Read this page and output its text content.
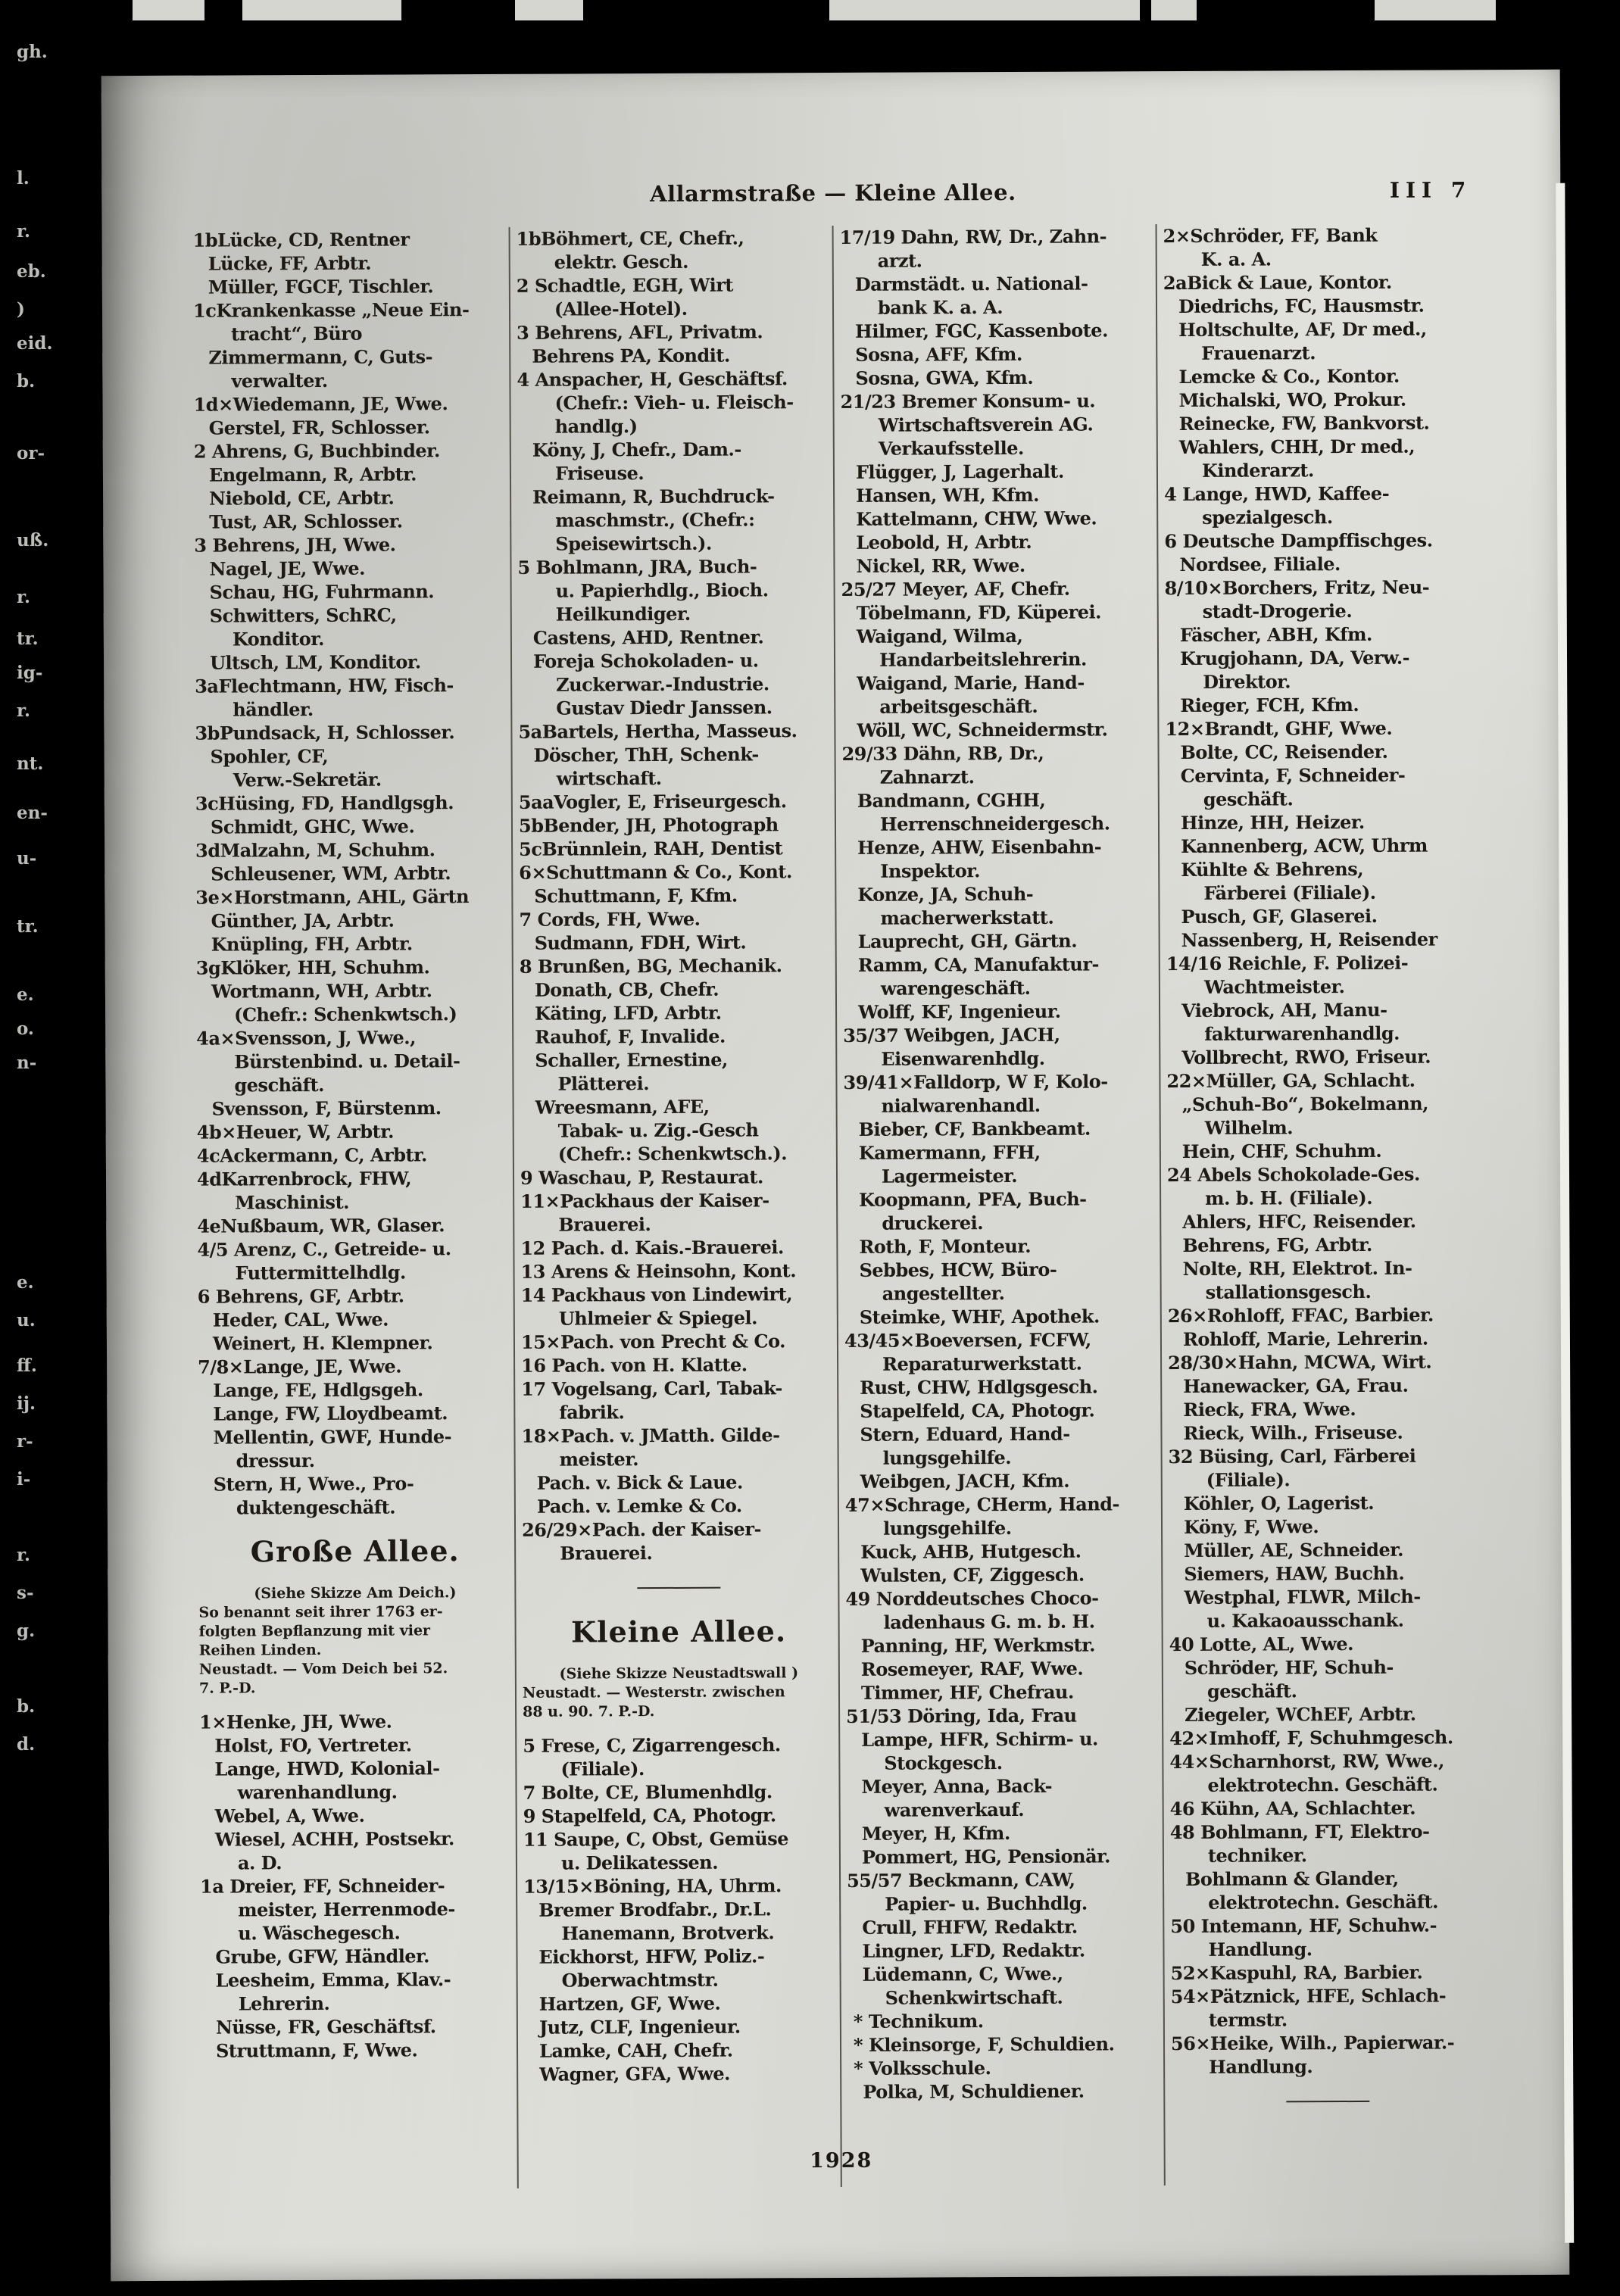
gh.
l.
r.
eb.
)
eid.
b.
or-
uß.
r.
tr.
ig-
r.
nt.
en-
u-
tr.
e.
o.
n-
e.
u.
ff.
ij.
r-
i-
r.
s-
g.
b.
d.
Allarmstraße — Kleine Allee.	III 7
1bLücke, CD, Rentner
Lücke, FF, Arbtr.
Müller, FGCF, Tischler.
1cKrankenkasse „Neue Ein-
tracht“, Büro
Zimmermann, C, Guts-
verwalter.
1d×Wiedemann, JE, Wwe.
Gerstel, FR, Schlosser.
2 Ahrens, G, Buchbinder.
Engelmann, R, Arbtr.
Niebold, CE, Arbtr.
Tust, AR, Schlosser.
3 Behrens, JH, Wwe.
Nagel, JE, Wwe.
Schau, HG, Fuhrmann.
Schwitters, SchRC,
Konditor.
Ultsch, LM, Konditor.
3aFlechtmann, HW, Fisch-
händler.
3bPundsack, H, Schlosser.
Spohler, CF,
Verw.-Sekretär.
3cHüsing, FD, Handlgsgh.
Schmidt, GHC, Wwe.
3dMalzahn, M, Schuhm.
Schleusener, WM, Arbtr.
3e×Horstmann, AHL, Gärtn
Günther, JA, Arbtr.
Knüpling, FH, Arbtr.
3gKlöker, HH, Schuhm.
Wortmann, WH, Arbtr.
(Chefr.: Schenkwtsch.)
4a×Svensson, J, Wwe.,
Bürstenbind. u. Detail-
geschäft.
Svensson, F, Bürstenm.
4b×Heuer, W, Arbtr.
4cAckermann, C, Arbtr.
4dKarrenbrock, FHW,
Maschinist.
4eNußbaum, WR, Glaser.
4/5 Arenz, C., Getreide- u.
Futtermittelhdlg.
6 Behrens, GF, Arbtr.
Heder, CAL, Wwe.
Weinert, H. Klempner.
7/8×Lange, JE, Wwe.
Lange, FE, Hdlgsgeh.
Lange, FW, Lloydbeamt.
Mellentin, GWF, Hunde-
dressur.
Stern, H, Wwe., Pro-
duktengeschäft.
Große Allee.
(Siehe Skizze Am Deich.)
So benannt seit ihrer 1763 er-
folgten Bepflanzung mit vier
Reihen Linden.
Neustadt. — Vom Deich bei 52.
7. P.-D.
1×Henke, JH, Wwe.
Holst, FO, Vertreter.
Lange, HWD, Kolonial-
warenhandlung.
Webel, A, Wwe.
Wiesel, ACHH, Postsekr.
a. D.
1a Dreier, FF, Schneider-
meister, Herrenmode-
u. Wäschegesch.
Grube, GFW, Händler.
Leesheim, Emma, Klav.-
Lehrerin.
Nüsse, FR, Geschäftsf.
Struttmann, F, Wwe.
1bBöhmert, CE, Chefr.,
elektr. Gesch.
2 Schadtle, EGH, Wirt
(Allee-Hotel).
3 Behrens, AFL, Privatm.
Behrens PA, Kondit.
4 Anspacher, H, Geschäftsf.
(Chefr.: Vieh- u. Fleisch-
handlg.)
Köny, J, Chefr., Dam.-
Friseuse.
Reimann, R, Buchdruck-
maschmstr., (Chefr.:
Speisewirtsch.).
5 Bohlmann, JRA, Buch-
u. Papierhdlg., Bioch.
Heilkundiger.
Castens, AHD, Rentner.
Foreja Schokoladen- u.
Zuckerwar.-Industrie.
Gustav Diedr Janssen.
5aBartels, Hertha, Masseus.
Döscher, ThH, Schenk-
wirtschaft.
5aaVogler, E, Friseurgesch.
5bBender, JH, Photograph
5cBrünnlein, RAH, Dentist
6×Schuttmann & Co., Kont.
Schuttmann, F, Kfm.
7 Cords, FH, Wwe.
Sudmann, FDH, Wirt.
8 Brunßen, BG, Mechanik.
Donath, CB, Chefr.
Käting, LFD, Arbtr.
Rauhof, F, Invalide.
Schaller, Ernestine,
Plätterei.
Wreesmann, AFE,
Tabak- u. Zig.-Gesch
(Chefr.: Schenkwtsch.).
9 Waschau, P, Restaurat.
11×Packhaus der Kaiser-
Brauerei.
12 Pach. d. Kais.-Brauerei.
13 Arens & Heinsohn, Kont.
14 Packhaus von Lindewirt,
Uhlmeier & Spiegel.
15×Pach. von Precht & Co.
16 Pach. von H. Klatte.
17 Vogelsang, Carl, Tabak-
fabrik.
18×Pach. v. JMatth. Gilde-
meister.
Pach. v. Bick & Laue.
Pach. v. Lemke & Co.
26/29×Pach. der Kaiser-
Brauerei.
Kleine Allee.
(Siehe Skizze Neustadtswall )
Neustadt. — Westerstr. zwischen
88 u. 90. 7. P.-D.
5 Frese, C, Zigarrengesch.
(Filiale).
7 Bolte, CE, Blumenhdlg.
9 Stapelfeld, CA, Photogr.
11 Saupe, C, Obst, Gemüse
u. Delikatessen.
13/15×Böning, HA, Uhrm.
Bremer Brodfabr., Dr.L.
Hanemann, Brotverk.
Eickhorst, HFW, Poliz.-
Oberwachtmstr.
Hartzen, GF, Wwe.
Jutz, CLF, Ingenieur.
Lamke, CAH, Chefr.
Wagner, GFA, Wwe.
17/19 Dahn, RW, Dr., Zahn-
arzt.
Darmstädt. u. National-
bank K. a. A.
Hilmer, FGC, Kassenbote.
Sosna, AFF, Kfm.
Sosna, GWA, Kfm.
21/23 Bremer Konsum- u.
Wirtschaftsverein AG.
Verkaufsstelle.
Flügger, J, Lagerhalt.
Hansen, WH, Kfm.
Kattelmann, CHW, Wwe.
Leobold, H, Arbtr.
Nickel, RR, Wwe.
25/27 Meyer, AF, Chefr.
Töbelmann, FD, Küperei.
Waigand, Wilma,
Handarbeitslehrerin.
Waigand, Marie, Hand-
arbeitsgeschäft.
Wöll, WC, Schneidermstr.
29/33 Dähn, RB, Dr.,
Zahnarzt.
Bandmann, CGHH,
Herrenschneidergesch.
Henze, AHW, Eisenbahn-
Inspektor.
Konze, JA, Schuh-
macherwerkstatt.
Lauprecht, GH, Gärtn.
Ramm, CA, Manufaktur-
warengeschäft.
Wolff, KF, Ingenieur.
35/37 Weibgen, JACH,
Eisenwarenhdlg.
39/41×Falldorp, W F, Kolo-
nialwarenhandl.
Bieber, CF, Bankbeamt.
Kamermann, FFH,
Lagermeister.
Koopmann, PFA, Buch-
druckerei.
Roth, F, Monteur.
Sebbes, HCW, Büro-
angestellter.
Steimke, WHF, Apothek.
43/45×Boeversen, FCFW,
Reparaturwerkstatt.
Rust, CHW, Hdlgsgesch.
Stapelfeld, CA, Photogr.
Stern, Eduard, Hand-
lungsgehilfe.
Weibgen, JACH, Kfm.
47×Schrage, CHerm, Hand-
lungsgehilfe.
Kuck, AHB, Hutgesch.
Wulsten, CF, Ziggesch.
49 Norddeutsches Choco-
ladenhaus G. m. b. H.
Panning, HF, Werkmstr.
Rosemeyer, RAF, Wwe.
Timmer, HF, Chefrau.
51/53 Döring, Ida, Frau
Lampe, HFR, Schirm- u.
Stockgesch.
Meyer, Anna, Back-
warenverkauf.
Meyer, H, Kfm.
Pommert, HG, Pensionär.
55/57 Beckmann, CAW,
Papier- u. Buchhdlg.
Crull, FHFW, Redaktr.
Lingner, LFD, Redaktr.
Lüdemann, C, Wwe.,
Schenkwirtschaft.
* Technikum.
* Kleinsorge, F, Schuldien.
* Volksschule.
Polka, M, Schuldiener.
2×Schröder, FF, Bank
K. a. A.
2aBick & Laue, Kontor.
Diedrichs, FC, Hausmstr.
Holtschulte, AF, Dr med.,
Frauenarzt.
Lemcke & Co., Kontor.
Michalski, WO, Prokur.
Reinecke, FW, Bankvorst.
Wahlers, CHH, Dr med.,
Kinderarzt.
4 Lange, HWD, Kaffee-
spezialgesch.
6 Deutsche Dampffischges.
Nordsee, Filiale.
8/10×Borchers, Fritz, Neu-
stadt-Drogerie.
Fäscher, ABH, Kfm.
Krugjohann, DA, Verw.-
Direktor.
Rieger, FCH, Kfm.
12×Brandt, GHF, Wwe.
Bolte, CC, Reisender.
Cervinta, F, Schneider-
geschäft.
Hinze, HH, Heizer.
Kannenberg, ACW, Uhrm
Kühlte & Behrens,
Färberei (Filiale).
Pusch, GF, Glaserei.
Nassenberg, H, Reisender
14/16 Reichle, F. Polizei-
Wachtmeister.
Viebrock, AH, Manu-
fakturwarenhandlg.
Vollbrecht, RWO, Friseur.
22×Müller, GA, Schlacht.
„Schuh-Bo“, Bokelmann,
Wilhelm.
Hein, CHF, Schuhm.
24 Abels Schokolade-Ges.
m. b. H. (Filiale).
Ahlers, HFC, Reisender.
Behrens, FG, Arbtr.
Nolte, RH, Elektrot. In-
stallationsgesch.
26×Rohloff, FFAC, Barbier.
Rohloff, Marie, Lehrerin.
28/30×Hahn, MCWA, Wirt.
Hanewacker, GA, Frau.
Rieck, FRA, Wwe.
Rieck, Wilh., Friseuse.
32 Büsing, Carl, Färberei
(Filiale).
Köhler, O, Lagerist.
Köny, F, Wwe.
Müller, AE, Schneider.
Siemers, HAW, Buchh.
Westphal, FLWR, Milch-
u. Kakaoausschank.
40 Lotte, AL, Wwe.
Schröder, HF, Schuh-
geschäft.
Ziegeler, WChEF, Arbtr.
42×Imhoff, F, Schuhmgesch.
44×Scharnhorst, RW, Wwe.,
elektrotechn. Geschäft.
46 Kühn, AA, Schlachter.
48 Bohlmann, FT, Elektro-
techniker.
Bohlmann & Glander,
elektrotechn. Geschäft.
50 Intemann, HF, Schuhw.-
Handlung.
52×Kaspuhl, RA, Barbier.
54×Pätznick, HFE, Schlach-
termstr.
56×Heike, Wilh., Papierwar.-
Handlung.
1928
